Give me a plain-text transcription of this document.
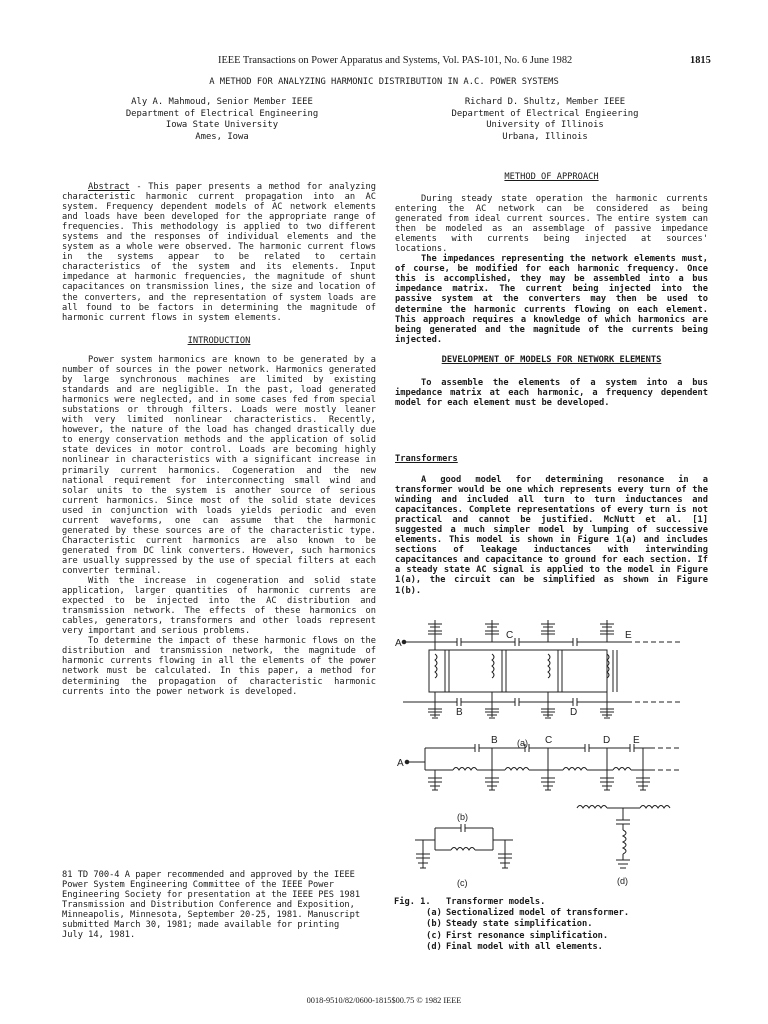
IEEE Transactions on Power Apparatus and Systems, Vol. PAS-101, No. 6 June 1982	1815
A METHOD FOR ANALYZING HARMONIC DISTRIBUTION IN A.C. POWER SYSTEMS
Aly A. Mahmoud, Senior Member IEEE
Department of Electrical Engineering
Iowa State University
Ames, Iowa
Richard D. Shultz, Member IEEE
Department of Electrical Engieering
University of Illinois
Urbana, Illinois

Abstract - This paper presents a method for analyzing characteristic harmonic current propagation into an AC system. Frequency dependent models of AC network elements and loads have been developed for the appropriate range of frequencies. This methodology is applied to two different systems and the responses of individual elements and the system as a whole were observed. The harmonic current flows in the systems appear to be related to certain characteristics of the system and its elements. Input impedance at harmonic frequencies, the magnitude of shunt capacitances on transmission lines, the size and location of the converters, and the representation of system loads are all found to be factors in determining the magnitude of harmonic current flows in system elements.

INTRODUCTION

Power system harmonics are known to be generated by a number of sources in the power network. Harmonics generated by large synchronous machines are limited by existing standards and are negligible. In the past, load generated harmonics were neglected, and in some cases fed from special substations or through filters. Loads were mostly leaner with very limited nonlinear characteristics. Recently, however, the nature of the load has changed drastically due to energy conservation methods and the application of solid state devices in motor control. Loads are becoming highly nonlinear in characteristics with a significant increase in primarily current harmonics. Cogeneration and the new national requirement for interconnecting small wind and solar units to the system is another source of serious current harmonics. Since most of the solid state devices used in conjunction with loads yields periodic and even current waveforms, one can assume that the harmonic generated by these sources are of the characteristic type. Characteristic current harmonics are also known to be generated from DC link converters. However, such harmonics are usually suppressed by the use of special filters at each converter terminal.

With the increase in cogeneration and solid state application, larger quantities of harmonic currents are expected to be injected into the AC distribution and transmission network. The effects of these harmonics on cables, generators, transformers and other loads represent very important and serious problems.

To determine the impact of these harmonic flows on the distribution and transmission network, the magnitude of harmonic currents flowing in all the elements of the power network must be calculated. In this paper, a method for determining the propagation of characteristic harmonic currents into the power network is developed.

81 TD 700-4 A paper recommended and approved by the IEEE Power System Engineering Committee of the IEEE Power Engineering Society for presentation at the IEEE PES 1981 Transmission and Distribution Conference and Exposition, Minneapolis, Minnesota, September 20-25, 1981. Manuscript submitted March 30, 1981; made available for printing July 14, 1981.
METHOD OF APPROACH

During steady state operation the harmonic currents entering the AC network can be considered as being generated from ideal current sources. The entire system can then be modeled as an assemblage of passive impedance elements with currents being injected at sources' locations.

The impedances representing the network elements must, of course, be modified for each harmonic frequency. Once this is accomplished, they may be assembled into a bus impedance matrix. The current being injected into the passive system at the converters may then be used to determine the harmonic currents flowing on each element. This approach requires a knowledge of which harmonics are being generated and the magnitude of the currents being injected.

DEVELOPMENT OF MODELS FOR NETWORK ELEMENTS

To assemble the elements of a system into a bus impedance matrix at each harmonic, a frequency dependent model for each element must be developed.

Transformers

A good model for determining resonance in a transformer would be one which represents every turn of the winding and included all turn to turn inductances and capacitances. Complete representations of every turn is not practical and cannot be justified. McNutt et al. [1] suggested a much simpler model by lumping of successive elements. This model is shown in Figure 1(a) and includes sections of leakage inductances with interwinding capacitances and capacitance to ground for each section. If a steady state AC signal is applied to the model in Figure 1(a), the circuit can be simplified as shown in Figure 1(b).

A
C	E
B	D
B	C	D E
A
(a)
(b)
(c)	(d)
Fig. 1.	Transformer models.
(a) Sectionalized model of transformer.
(b) Steady state simplification.
(c) First resonance simplification.
(d) Final model with all elements.
0018-9510/82/0600-1815$00.75 © 1982 IEEE
